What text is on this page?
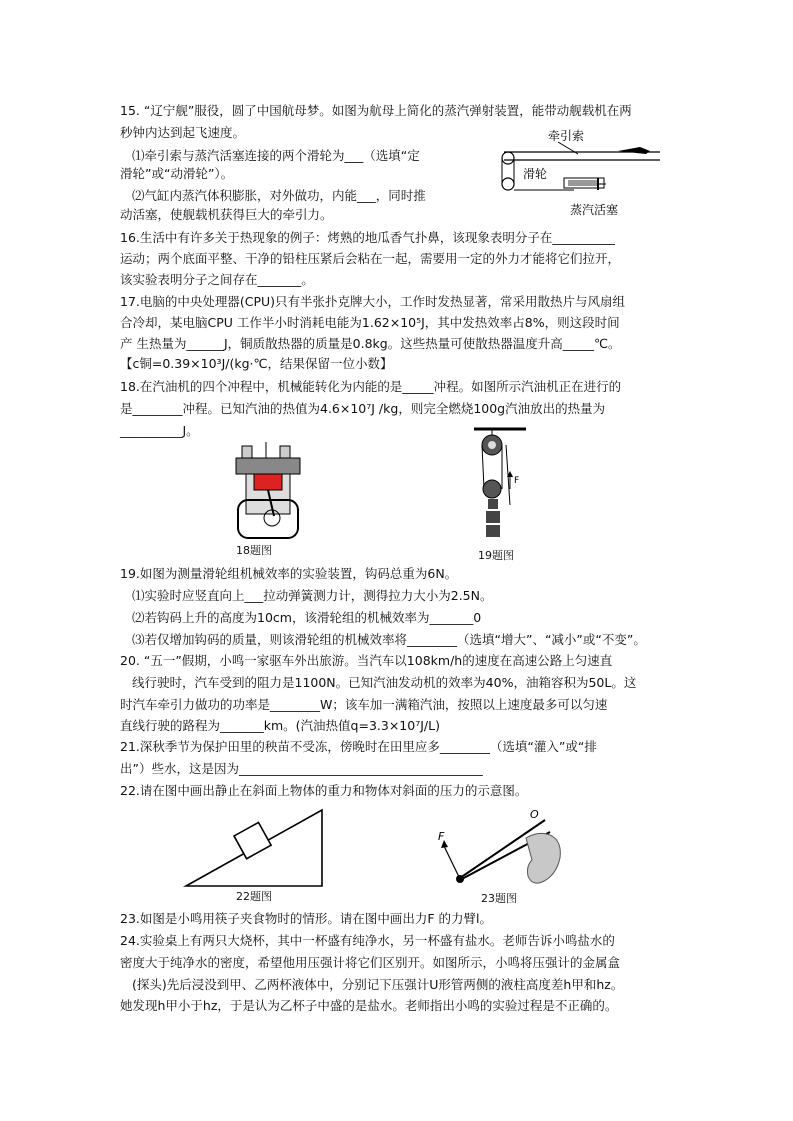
15. “辽宁舰”服役，圆了中国航母梦。如图为航母上简化的蒸汽弹射装置，能带动舰载机在两
秒钟内达到起飞速度。
⑴牵引索与蒸汽活塞连接的两个滑轮为___（选填“定
滑轮”或“动滑轮”）。
⑵气缸内蒸汽体积膨胀，对外做功，内能___，同时推
动活塞，使舰载机获得巨大的牵引力。
牵引索
滑轮
蒸汽活塞
16.生活中有许多关于热现象的例子：烤熟的地瓜香气扑鼻，该现象表明分子在__________
运动；两个底面平整、干净的铅柱压紧后会粘在一起，需要用一定的外力才能将它们拉开，
该实验表明分子之间存在_______。
17.电脑的中央处理器(CPU)只有半张扑克牌大小，工作时发热显著，常采用散热片与风扇组
合冷却，某电脑CPU 工作半小时消耗电能为1.62×10⁵J，其中发热效率占8%，则这段时间
产 生热量为______J，铜质散热器的质量是0.8kg。这些热量可使散热器温度升高_____℃。
【c铜=0.39×10³J/(kg·℃，结果保留一位小数】
18.在汽油机的四个冲程中，机械能转化为内能的是_____冲程。如图所示汽油机正在进行的
是________冲程。已知汽油的热值为4.6×10⁷J /kg，则完全燃烧100g汽油放出的热量为
__________J。
18题图
F
19题图
19.如图为测量滑轮组机械效率的实验装置，钩码总重为6N。
⑴实验时应竖直向上___拉动弹簧测力计，测得拉力大小为2.5N。
⑵若钩码上升的高度为10cm，该滑轮组的机械效率为_______0
⑶若仅增加钩码的质量，则该滑轮组的机械效率将________（选填“增大”、“减小”或“不变”。
20. “五一”假期，小鸣一家驱车外出旅游。当汽车以108km/h的速度在高速公路上匀速直
线行驶时，汽车受到的阻力是1100N。已知汽油发动机的效率为40%，油箱容积为50L。这
时汽车牵引力做功的功率是________W；该车加一满箱汽油，按照以上速度最多可以匀速
直线行驶的路程为_______km。(汽油热值q=3.3×10⁷J/L)
21.深秋季节为保护田里的秧苗不受冻，傍晚时在田里应多________（选填“灌入”或“排
出”）些水，这是因为_______________________________________
22.请在图中画出静止在斜面上物体的重力和物体对斜面的压力的示意图。
22题图
F
O
23题图
23.如图是小鸣用筷子夹食物时的情形。请在图中画出力F 的力臂l。
24.实验桌上有两只大烧杯，其中一杯盛有纯净水，另一杯盛有盐水。老师告诉小鸣盐水的
密度大于纯净水的密度，希望他用压强计将它们区别开。如图所示，小鸣将压强计的金属盒
(探头)先后浸没到甲、乙两杯液体中，分别记下压强计U形管两侧的液柱高度差h甲和hz。
她发现h甲小于hz，于是认为乙杯子中盛的是盐水。老师指出小鸣的实验过程是不正确的。
